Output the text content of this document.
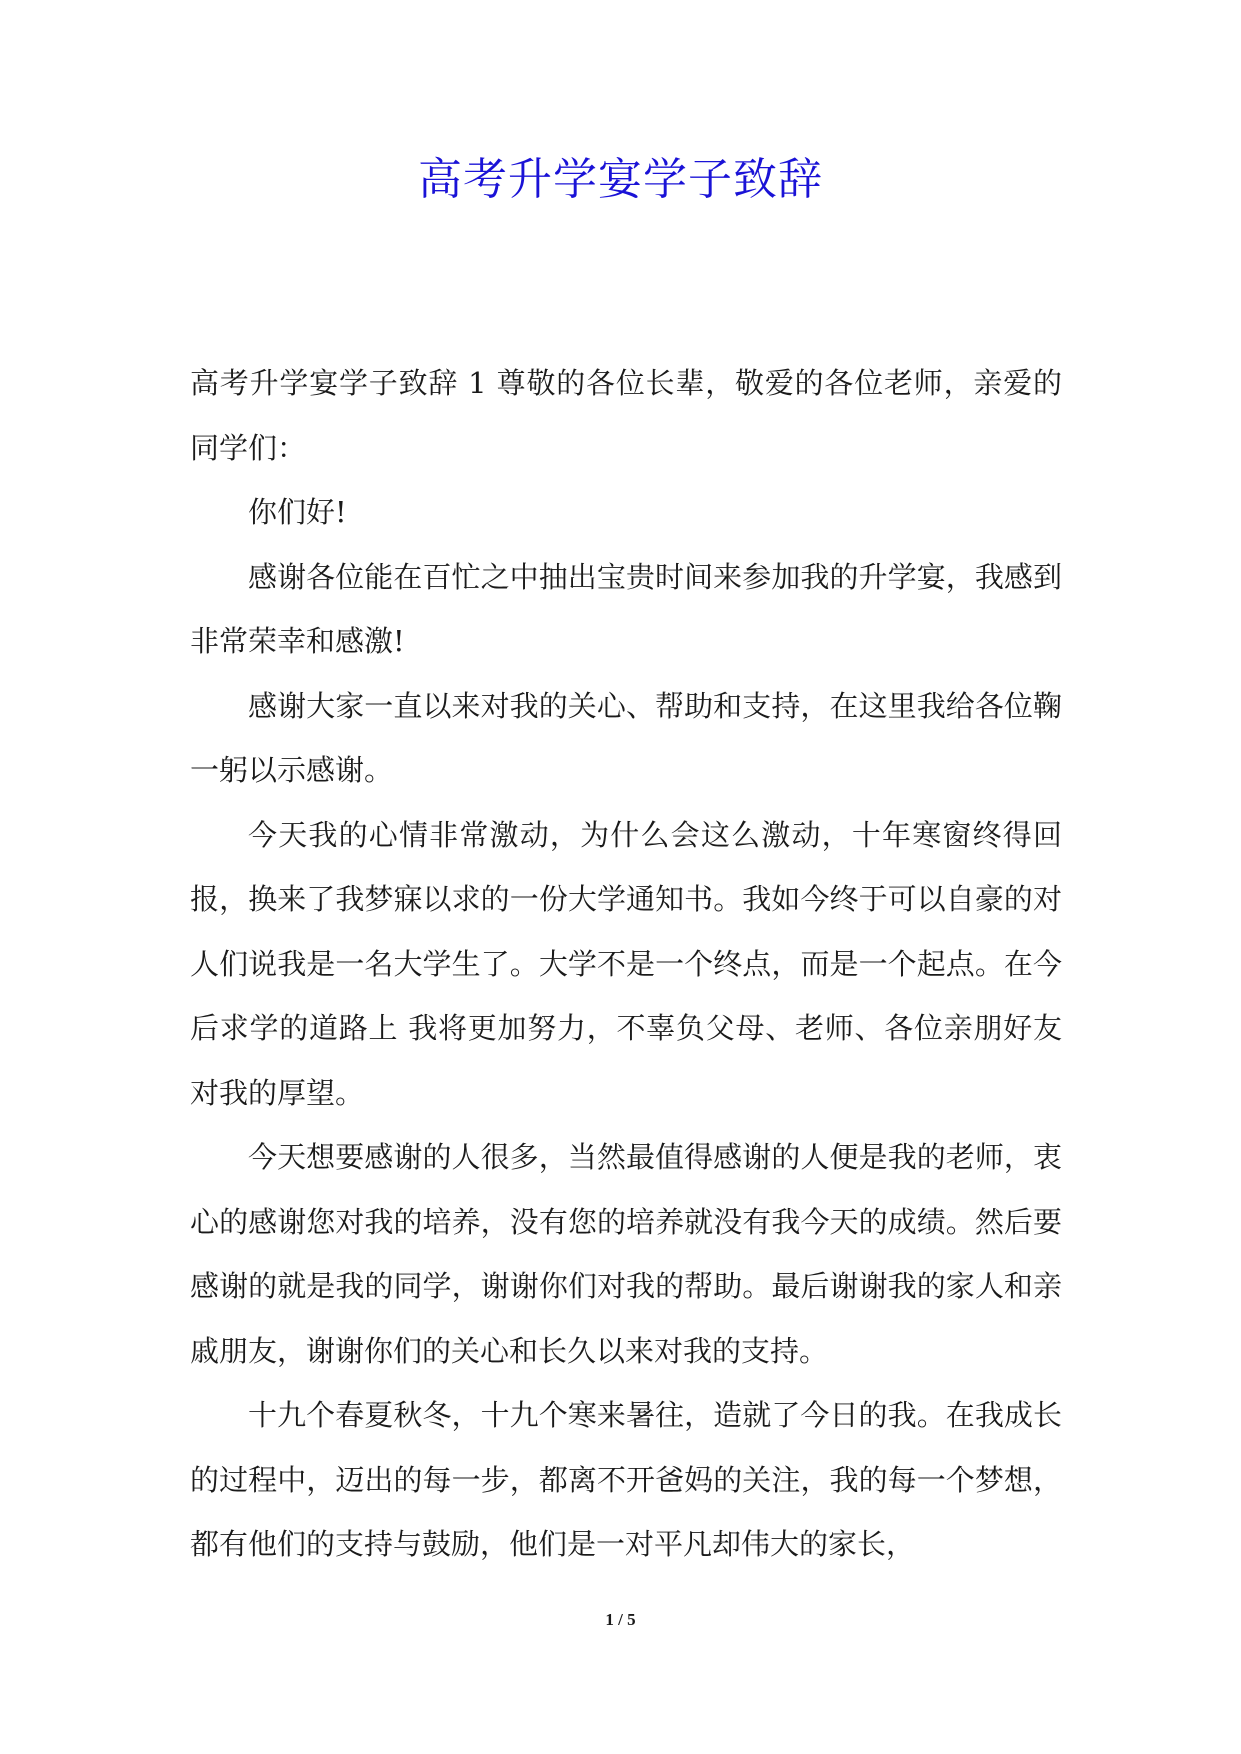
高考升学宴学子致辞

高考升学宴学子致辞 1 尊敬的各位长辈，敬爱的各位老师，亲爱的同学们：

你们好!

感谢各位能在百忙之中抽出宝贵时间来参加我的升学宴，我感到非常荣幸和感激!

感谢大家一直以来对我的关心、帮助和支持，在这里我给各位鞠一躬以示感谢。

今天我的心情非常激动，为什么会这么激动，十年寒窗终得回报，换来了我梦寐以求的一份大学通知书。我如今终于可以自豪的对人们说我是一名大学生了。大学不是一个终点，而是一个起点。在今后求学的道路上 我将更加努力，不辜负父母、老师、各位亲朋好友对我的厚望。

今天想要感谢的人很多，当然最值得感谢的人便是我的老师，衷心的感谢您对我的培养，没有您的培养就没有我今天的成绩。然后要感谢的就是我的同学，谢谢你们对我的帮助。最后谢谢我的家人和亲戚朋友，谢谢你们的关心和长久以来对我的支持。

十九个春夏秋冬，十九个寒来暑往，造就了今日的我。在我成长的过程中，迈出的每一步，都离不开爸妈的关注，我的每一个梦想，都有他们的支持与鼓励，他们是一对平凡却伟大的家长，

1 / 5
